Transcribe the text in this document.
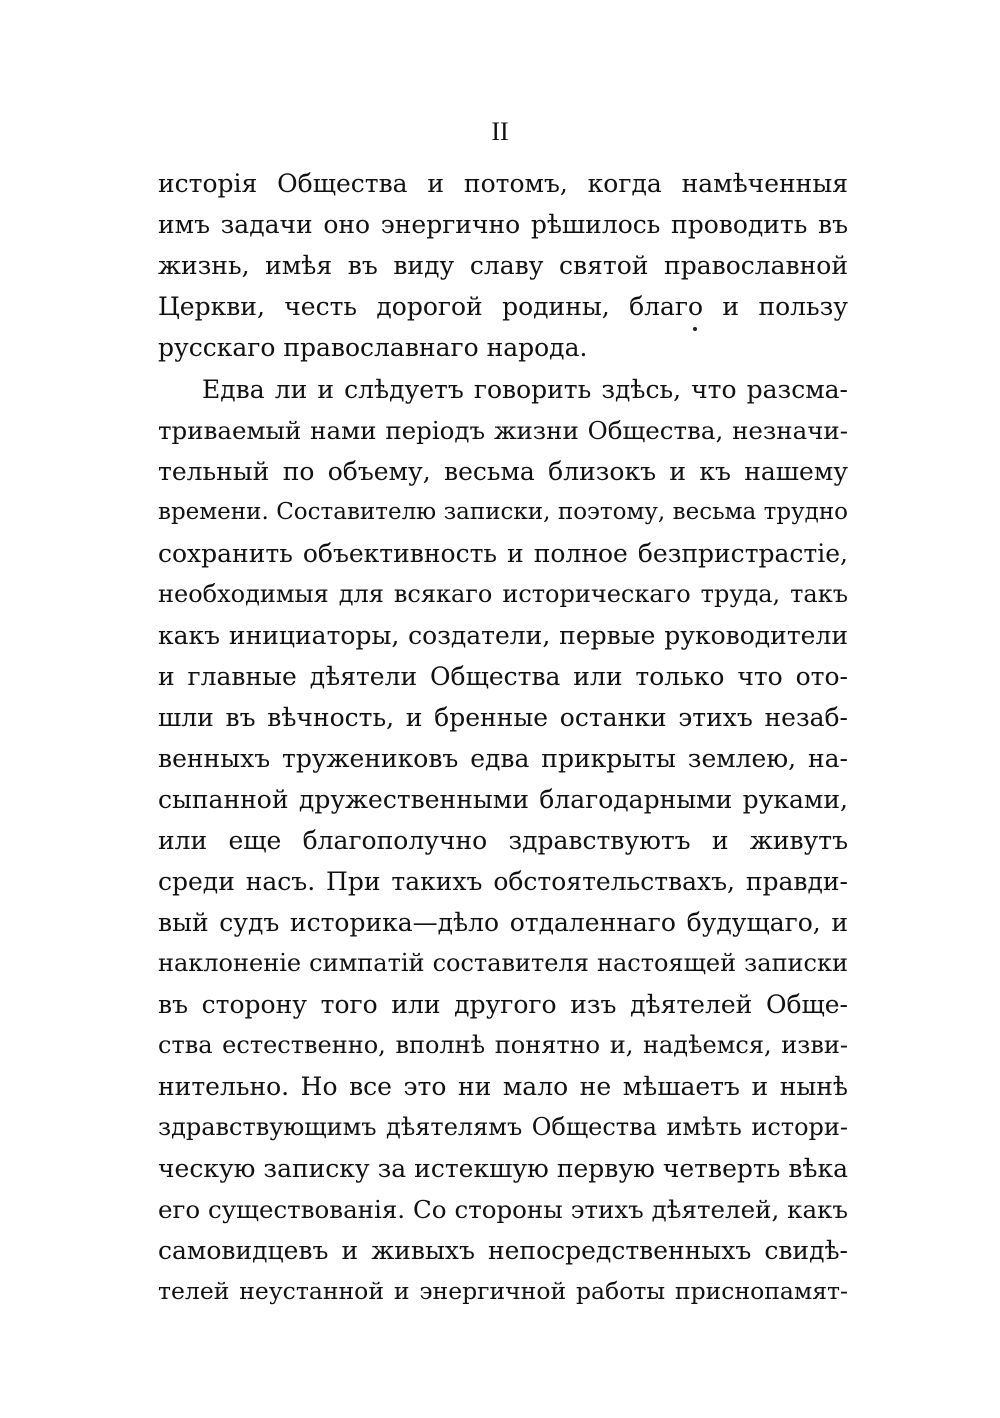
II
исторія Общества и потомъ, когда намѣченныя
имъ задачи оно энергично рѣшилось проводить въ
жизнь, имѣя въ виду славу святой православной
Церкви, честь дорогой родины, благо и пользу
русскаго православнаго народа.
Едва ли и слѣдуетъ говорить здѣсь, что разсма-
триваемый нами періодъ жизни Общества, незначи-
тельный по объему, весьма близокъ и къ нашему
времени. Составителю записки, поэтому, весьма трудно
сохранить объективность и полное безпристрастіе,
необходимыя для всякаго историческаго труда, такъ
какъ инициаторы, создатели, первые руководители
и главные дѣятели Общества или только что ото-
шли въ вѣчность, и бренные останки этихъ незаб-
венныхъ тружениковъ едва прикрыты землею, на-
сыпанной дружественными благодарными руками,
или еще благополучно здравствуютъ и живутъ
среди насъ. При такихъ обстоятельствахъ, правди-
вый судъ историка—дѣло отдаленнаго будущаго, и
наклоненіе симпатій составителя настоящей записки
въ сторону того или другого изъ дѣятелей Обще-
ства естественно, вполнѣ понятно и, надѣемся, изви-
нительно. Но все это ни мало не мѣшаетъ и нынѣ
здравствующимъ дѣятелямъ Общества имѣть истори-
ческую записку за истекшую первую четверть вѣка
его существованія. Со стороны этихъ дѣятелей, какъ
самовидцевъ и живыхъ непосредственныхъ свидѣ-
телей неустанной и энергичной работы приснопамят-
